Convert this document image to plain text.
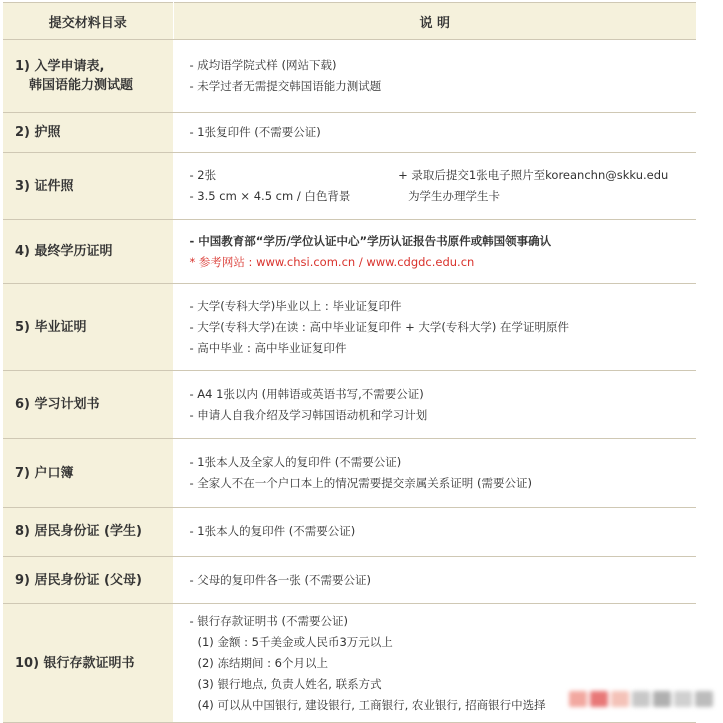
提交材料目录	说 明

1) 入学申请表,
韩国语能力测试题	- 成均语学院式样 (网站下载)
- 未学过者无需提交韩国语能力测试题

2) 护照	- 1张复印件 (不需要公证)

3) 证件照	- 2张
- 3.5 cm × 4.5 cm / 白色背景
+ 录取后提交1张电子照片至koreanchn@skku.edu
为学生办理学生卡

4) 最终学历证明	- 中国教育部“学历/学位认证中心”学历认证报告书原件或韩国领事确认
* 参考网站 : www.chsi.com.cn / www.cdgdc.edu.cn

5) 毕业证明	- 大学(专科大学)毕业以上 : 毕业证复印件
- 大学(专科大学)在读 : 高中毕业证复印件 + 大学(专科大学) 在学证明原件
- 高中毕业 : 高中毕业证复印件

6) 学习计划书	- A4 1张以内 (用韩语或英语书写,不需要公证)
- 申请人自我介绍及学习韩国语动机和学习计划

7) 户口簿	- 1张本人及全家人的复印件 (不需要公证)
- 全家人不在一个户口本上的情况需要提交亲属关系证明 (需要公证)

8) 居民身份证 (学生)	- 1张本人的复印件 (不需要公证)

9) 居民身份证 (父母)	- 父母的复印件各一张 (不需要公证)

10) 银行存款证明书	- 银行存款证明书 (不需要公证)
(1) 金额 : 5千美金或人民币3万元以上
(2) 冻结期间 : 6个月以上
(3) 银行地点, 负责人姓名, 联系方式
(4) 可以从中国银行, 建设银行, 工商银行, 农业银行, 招商银行中选择
